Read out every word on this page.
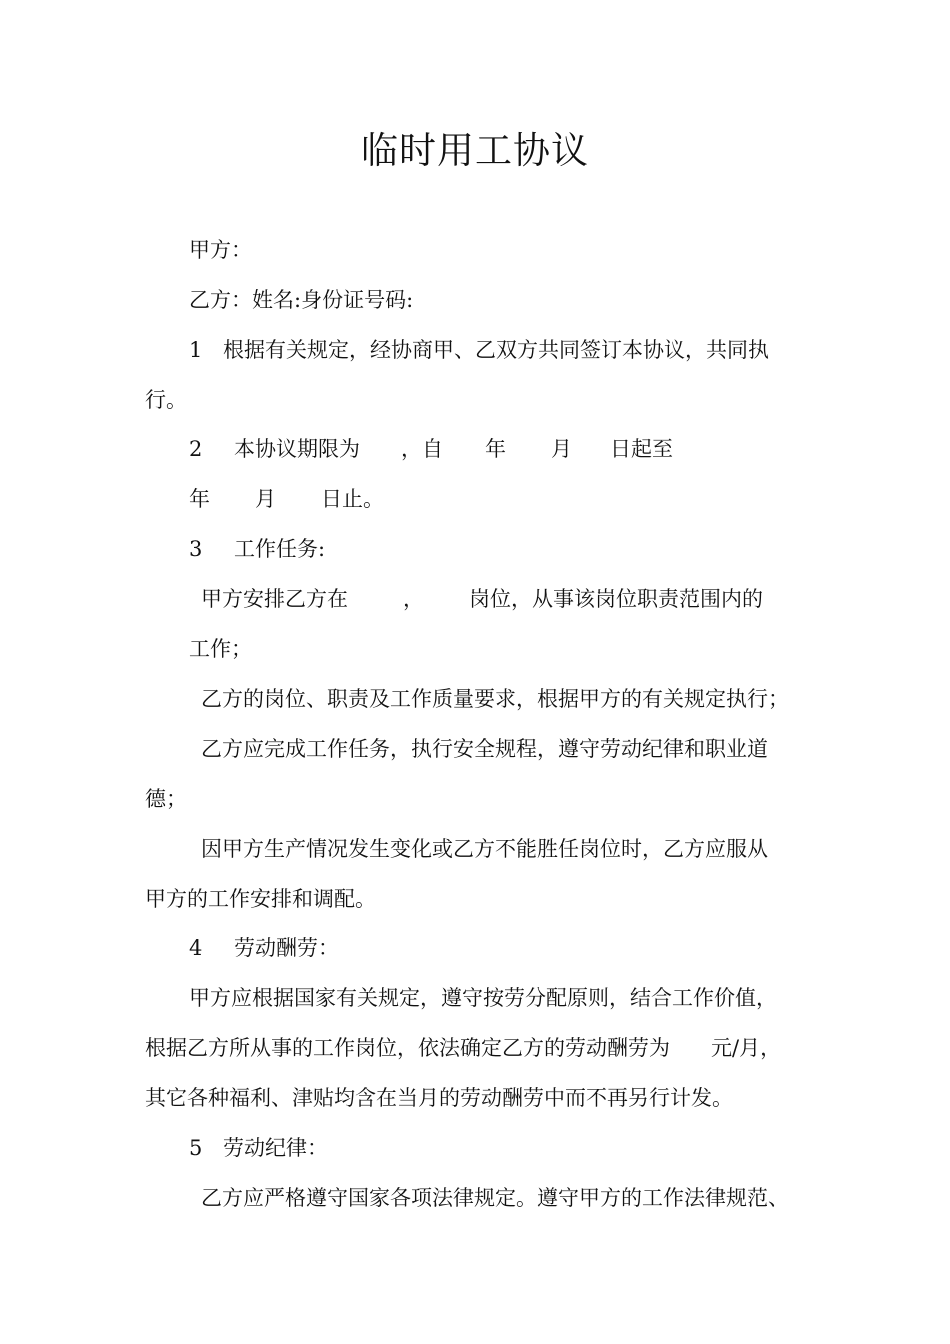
临时用工协议
甲方：
乙方：姓名:身份证号码:
1 根据有关规定，经协商甲、乙双方共同签订本协议，共同执
行。
2 本协议期限为 ，自 年 月 日起至
年 月 日止。
3 工作任务:
甲方安排乙方在	， 岗位，从事该岗位职责范围内的
工作；
乙方的岗位、职责及工作质量要求，根据甲方的有关规定执行；
乙方应完成工作任务，执行安全规程，遵守劳动纪律和职业道
德；
因甲方生产情况发生变化或乙方不能胜任岗位时，乙方应服从
甲方的工作安排和调配。
4 劳动酬劳：
甲方应根据国家有关规定，遵守按劳分配原则，结合工作价值，
根据乙方所从事的工作岗位，依法确定乙方的劳动酬劳为 元/月，
其它各种福利、津贴均含在当月的劳动酬劳中而不再另行计发。
5 劳动纪律：
乙方应严格遵守国家各项法律规定。遵守甲方的工作法律规范、
